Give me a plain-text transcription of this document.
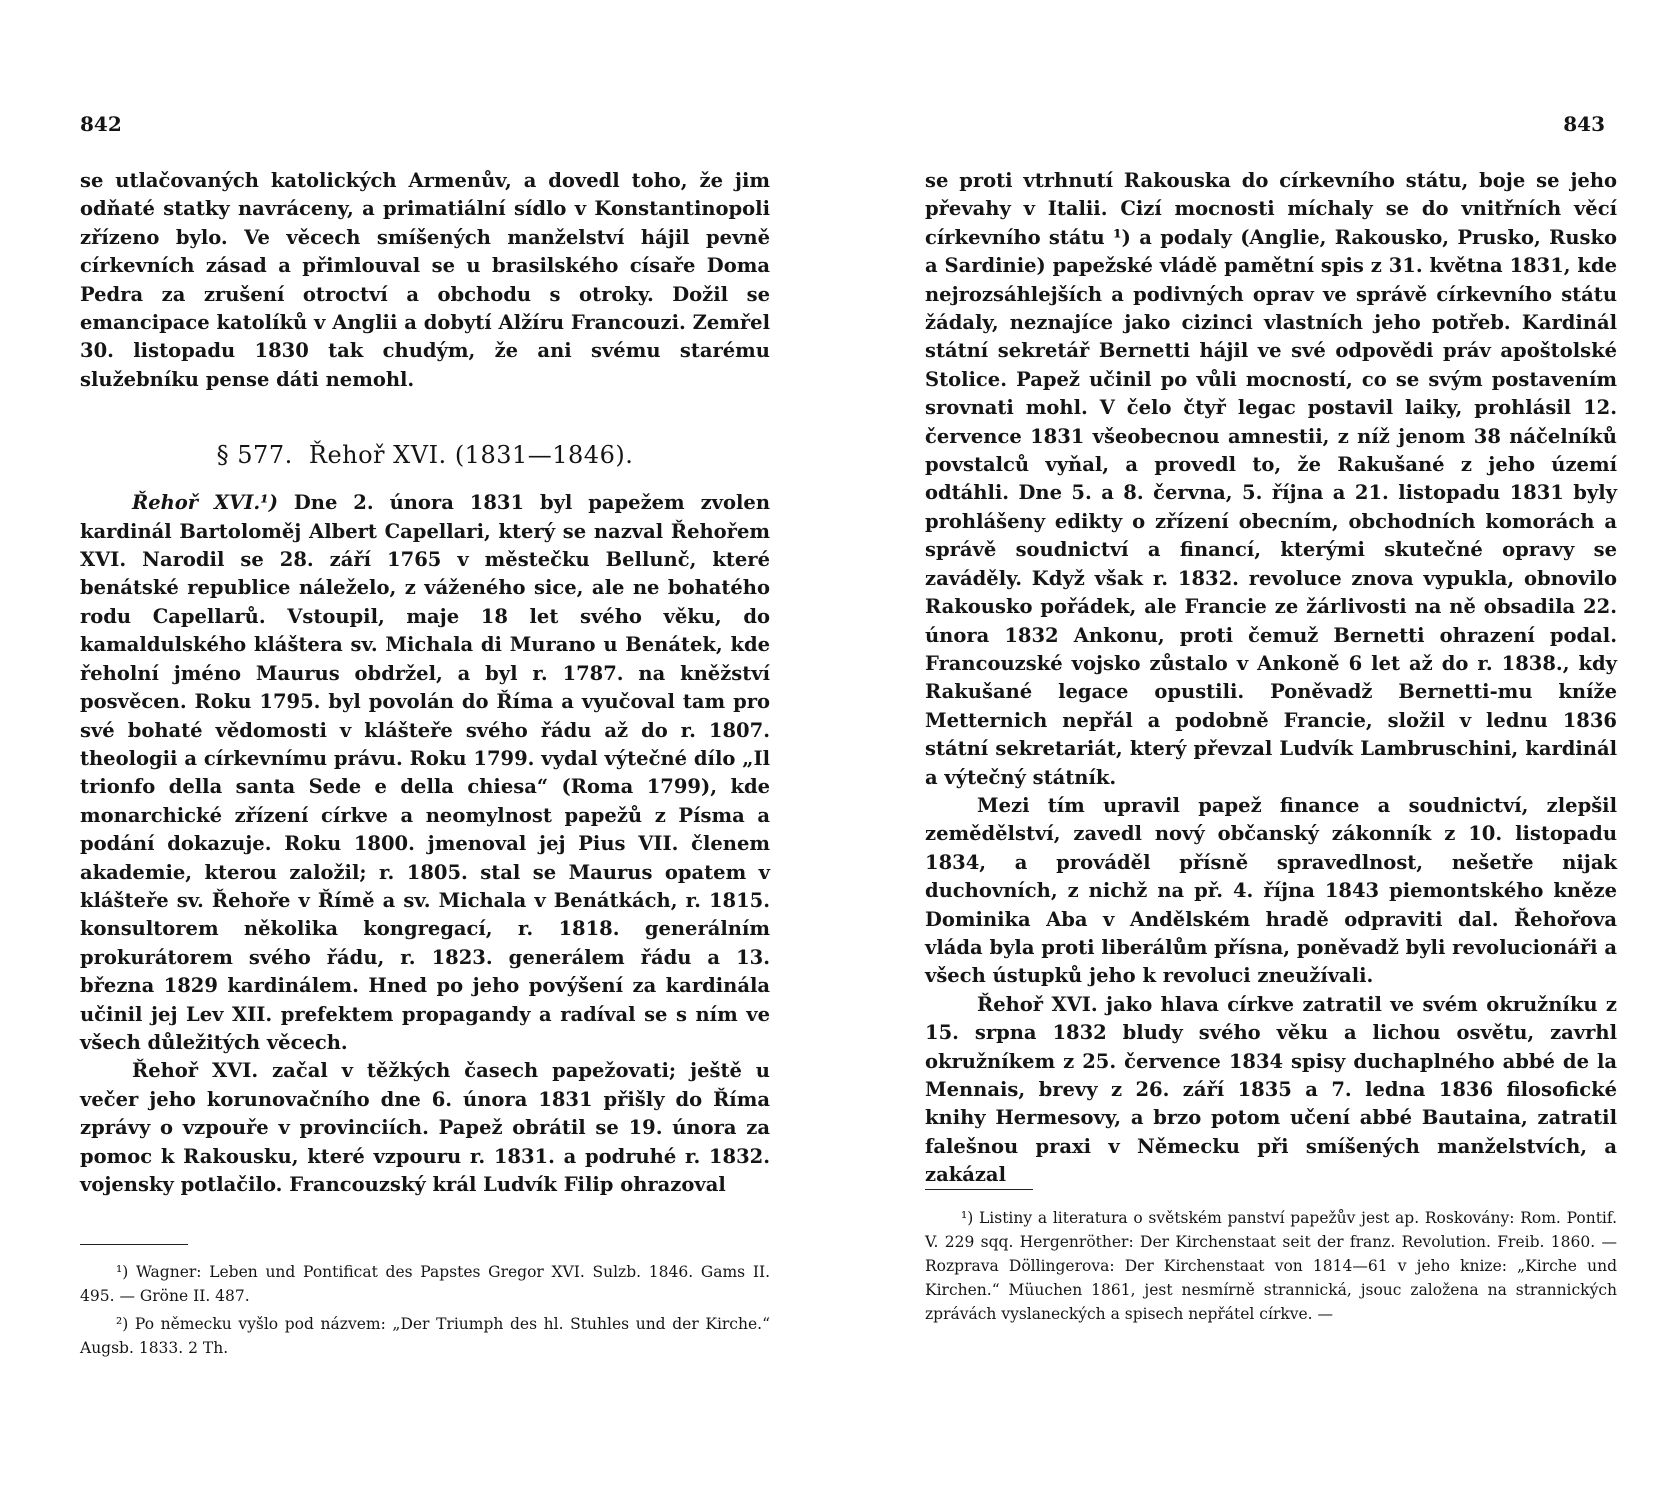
842

se utlačovaných katolických Armenův, a dovedl toho, že jim odňaté statky navráceny, a primatiální sídlo v Konstantinopoli zřízeno bylo. Ve věcech smíšených manželství hájil pevně církevních zásad a přimlouval se u brasilského císaře Doma Pedra za zrušení otroctví a obchodu s otroky. Dožil se emancipace katolíků v Anglii a dobytí Alžíru Francouzi. Zemřel 30. listopadu 1830 tak chudým, že ani svému starému služebníku pense dáti nemohl.

§ 577. Řehoř XVI. (1831—1846).

Řehoř XVI.¹) Dne 2. února 1831 byl papežem zvolen kardinál Bartoloměj Albert Capellari, který se nazval Řehořem XVI. Narodil se 28. září 1765 v městečku Bellunč, které benátské republice náleželo, z váženého sice, ale ne bohatého rodu Capellarů. Vstoupil, maje 18 let svého věku, do kamaldulského kláštera sv. Michala di Murano u Benátek, kde řeholní jméno Maurus obdržel, a byl r. 1787. na kněžství posvěcen. Roku 1795. byl povolán do Říma a vyučoval tam pro své bohaté vědomosti v klášteře svého řádu až do r. 1807. theologii a církevnímu právu. Roku 1799. vydal výtečné dílo „Il trionfo della santa Sede e della chiesa“ (Roma 1799), kde monarchické zřízení církve a neomylnost papežů z Písma a podání dokazuje. Roku 1800. jmenoval jej Pius VII. členem akademie, kterou založil; r. 1805. stal se Maurus opatem v klášteře sv. Řehoře v Římě a sv. Michala v Benátkách, r. 1815. konsultorem několika kongregací, r. 1818. generálním prokurátorem svého řádu, r. 1823. generálem řádu a 13. března 1829 kardinálem. Hned po jeho povýšení za kardinála učinil jej Lev XII. prefektem propagandy a radíval se s ním ve všech důležitých věcech.

Řehoř XVI. začal v těžkých časech papežovati; ještě u večer jeho korunovačního dne 6. února 1831 přišly do Říma zprávy o vzpouře v provinciích. Papež obrátil se 19. února za pomoc k Rakousku, které vzpouru r. 1831. a podruhé r. 1832. vojensky potlačilo. Francouzský král Ludvík Filip ohrazoval

¹) Wagner: Leben und Pontificat des Papstes Gregor XVI. Sulzb. 1846. Gams II. 495. — Gröne II. 487.

²) Po německu vyšlo pod názvem: „Der Triumph des hl. Stuhles und der Kirche.“ Augsb. 1833. 2 Th.

843

se proti vtrhnutí Rakouska do církevního státu, boje se jeho převahy v Italii. Cizí mocnosti míchaly se do vnitřních věcí církevního státu ¹) a podaly (Anglie, Rakousko, Prusko, Rusko a Sardinie) papežské vládě pamětní spis z 31. května 1831, kde nejrozsáhlejších a podivných oprav ve správě církevního státu žádaly, neznajíce jako cizinci vlastních jeho potřeb. Kardinál státní sekretář Bernetti hájil ve své odpovědi práv apoštolské Stolice. Papež učinil po vůli mocností, co se svým postavením srovnati mohl. V čelo čtyř legac postavil laiky, prohlásil 12. července 1831 všeobecnou amnestii, z níž jenom 38 náčelníků povstalců vyňal, a provedl to, že Rakušané z jeho území odtáhli. Dne 5. a 8. června, 5. října a 21. listopadu 1831 byly prohlášeny edikty o zřízení obecním, obchodních komorách a správě soudnictví a financí, kterými skutečné opravy se zaváděly. Když však r. 1832. revoluce znova vypukla, obnovilo Rakousko pořádek, ale Francie ze žárlivosti na ně obsadila 22. února 1832 Ankonu, proti čemuž Bernetti ohrazení podal. Francouzské vojsko zůstalo v Ankoně 6 let až do r. 1838., kdy Rakušané legace opustili. Poněvadž Bernetti-mu kníže Metternich nepřál a podobně Francie, složil v lednu 1836 státní sekretariát, který převzal Ludvík Lambruschini, kardinál a výtečný státník.

Mezi tím upravil papež finance a soudnictví, zlepšil zemědělství, zavedl nový občanský zákonník z 10. listopadu 1834, a prováděl přísně spravedlnost, nešetře nijak duchovních, z nichž na př. 4. října 1843 piemontského kněze Dominika Aba v Andělském hradě odpraviti dal. Řehořova vláda byla proti liberálům přísna, poněvadž byli revolucionáři a všech ústupků jeho k revoluci zneužívali.

Řehoř XVI. jako hlava církve zatratil ve svém okružníku z 15. srpna 1832 bludy svého věku a lichou osvětu, zavrhl okružníkem z 25. července 1834 spisy duchaplného abbé de la Mennais, brevy z 26. září 1835 a 7. ledna 1836 filosofické knihy Hermesovy, a brzo potom učení abbé Bautaina, zatratil falešnou praxi v Německu při smíšených manželstvích, a zakázal

¹) Listiny a literatura o světském panství papežův jest ap. Roskovány: Rom. Pontif. V. 229 sqq. Hergenröther: Der Kirchenstaat seit der franz. Revolution. Freib. 1860. — Rozprava Döllingerova: Der Kirchenstaat von 1814—61 v jeho knize: „Kirche und Kirchen.“ Müuchen 1861, jest nesmírně strannická, jsouc založena na strannických zprávách vyslaneckých a spisech nepřátel církve. —
